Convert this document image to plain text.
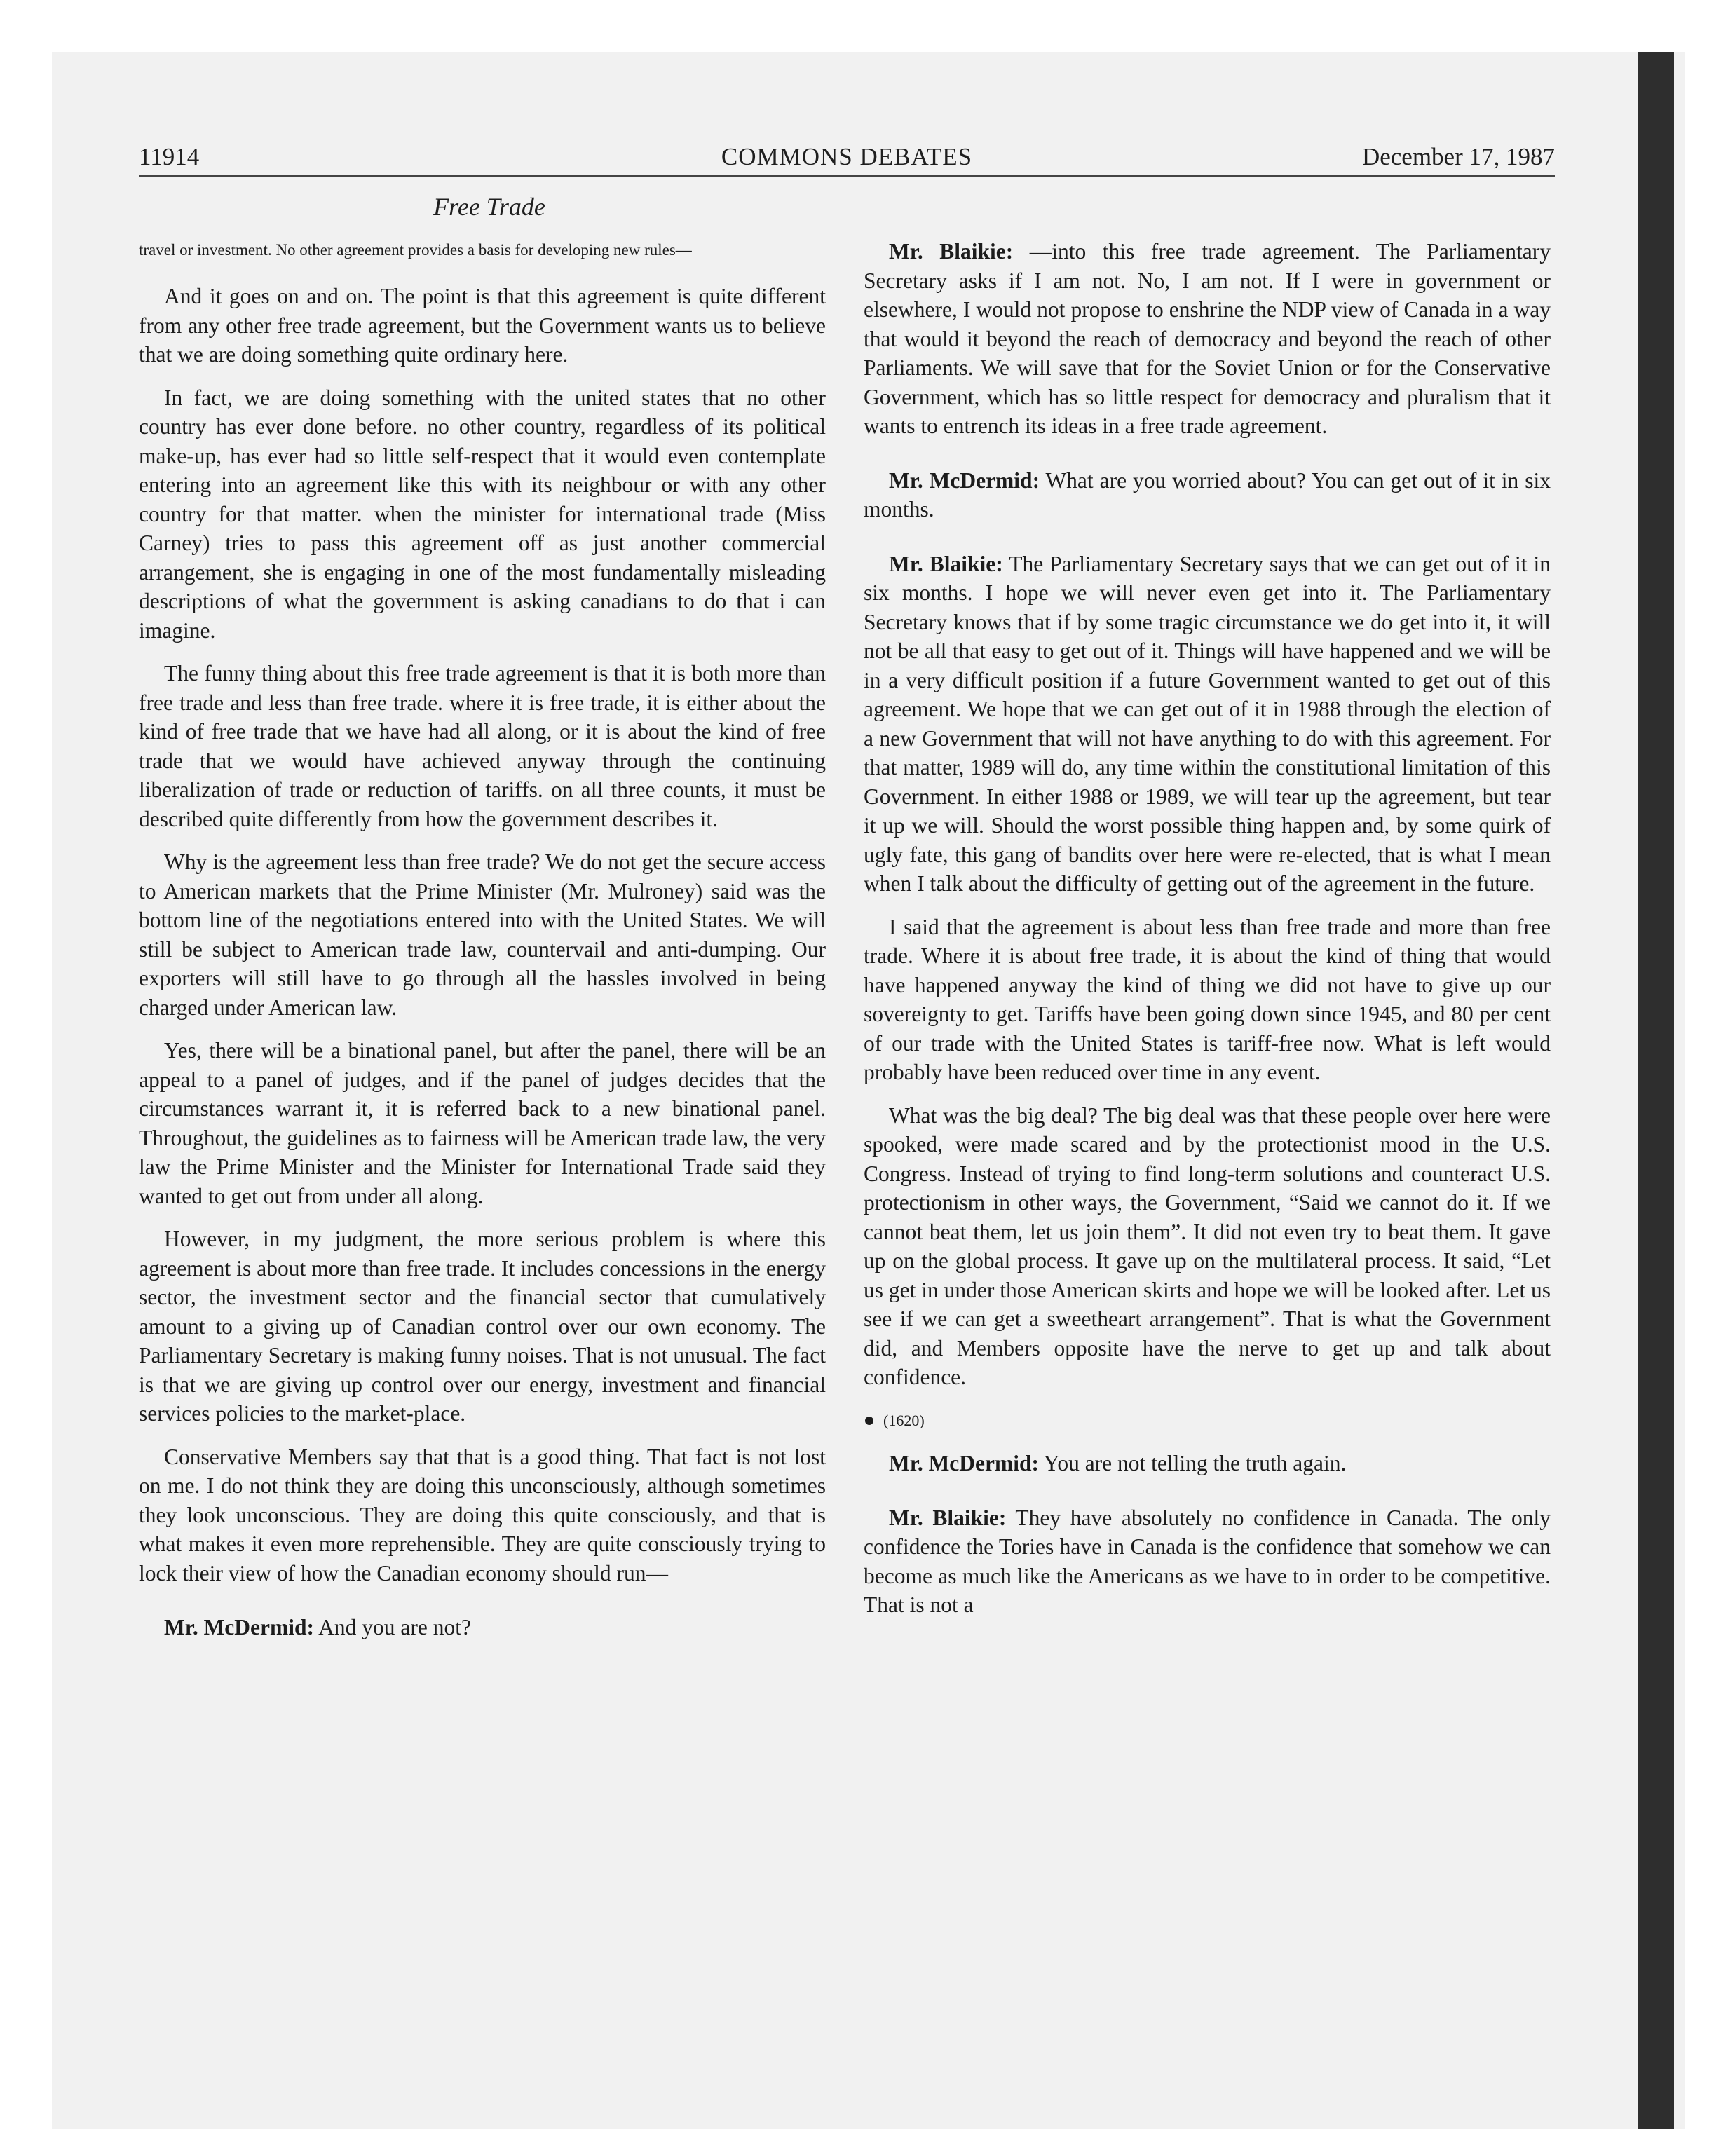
11914	COMMONS DEBATES	December 17, 1987
Free Trade

travel or investment. No other agreement provides a basis for developing new rules—

And it goes on and on. The point is that this agreement is quite different from any other free trade agreement, but the Government wants us to believe that we are doing something quite ordinary here.

In fact, we are doing something with the united states that no other country has ever done before. no other country, regardless of its political make-up, has ever had so little self-respect that it would even contemplate entering into an agreement like this with its neighbour or with any other country for that matter. when the minister for international trade (Miss Carney) tries to pass this agreement off as just another commercial arrangement, she is engaging in one of the most fundamentally misleading descriptions of what the government is asking canadians to do that i can imagine.

The funny thing about this free trade agreement is that it is both more than free trade and less than free trade. where it is free trade, it is either about the kind of free trade that we have had all along, or it is about the kind of free trade that we would have achieved anyway through the continuing liberalization of trade or reduction of tariffs. on all three counts, it must be described quite differently from how the government describes it.

Why is the agreement less than free trade? We do not get the secure access to American markets that the Prime Minister (Mr. Mulroney) said was the bottom line of the negotiations entered into with the United States. We will still be subject to American trade law, countervail and anti-dumping. Our exporters will still have to go through all the hassles involved in being charged under American law.

Yes, there will be a binational panel, but after the panel, there will be an appeal to a panel of judges, and if the panel of judges decides that the circumstances warrant it, it is referred back to a new binational panel. Throughout, the guidelines as to fairness will be American trade law, the very law the Prime Minister and the Minister for International Trade said they wanted to get out from under all along.

However, in my judgment, the more serious problem is where this agreement is about more than free trade. It includes concessions in the energy sector, the investment sector and the financial sector that cumulatively amount to a giving up of Canadian control over our own economy. The Parliamentary Secretary is making funny noises. That is not unusual. The fact is that we are giving up control over our energy, investment and financial services policies to the market-place.

Conservative Members say that that is a good thing. That fact is not lost on me. I do not think they are doing this unconsciously, although sometimes they look unconscious. They are doing this quite consciously, and that is what makes it even more reprehensible. They are quite consciously trying to lock their view of how the Canadian economy should run—

Mr. McDermid: And you are not?

Mr. Blaikie: —into this free trade agreement. The Parliamentary Secretary asks if I am not. No, I am not. If I were in government or elsewhere, I would not propose to enshrine the NDP view of Canada in a way that would it beyond the reach of democracy and beyond the reach of other Parliaments. We will save that for the Soviet Union or for the Conservative Government, which has so little respect for democracy and pluralism that it wants to entrench its ideas in a free trade agreement.

Mr. McDermid: What are you worried about? You can get out of it in six months.

Mr. Blaikie: The Parliamentary Secretary says that we can get out of it in six months. I hope we will never even get into it. The Parliamentary Secretary knows that if by some tragic circumstance we do get into it, it will not be all that easy to get out of it. Things will have happened and we will be in a very difficult position if a future Government wanted to get out of this agreement. We hope that we can get out of it in 1988 through the election of a new Government that will not have anything to do with this agreement. For that matter, 1989 will do, any time within the constitutional limitation of this Government. In either 1988 or 1989, we will tear up the agreement, but tear it up we will. Should the worst possible thing happen and, by some quirk of ugly fate, this gang of bandits over here were re-elected, that is what I mean when I talk about the difficulty of getting out of the agreement in the future.

I said that the agreement is about less than free trade and more than free trade. Where it is about free trade, it is about the kind of thing that would have happened anyway the kind of thing we did not have to give up our sovereignty to get. Tariffs have been going down since 1945, and 80 per cent of our trade with the United States is tariff-free now. What is left would probably have been reduced over time in any event.

What was the big deal? The big deal was that these people over here were spooked, were made scared and by the protectionist mood in the U.S. Congress. Instead of trying to find long-term solutions and counteract U.S. protectionism in other ways, the Government, “Said we cannot do it. If we cannot beat them, let us join them”. It did not even try to beat them. It gave up on the global process. It gave up on the multilateral process. It said, “Let us get in under those American skirts and hope we will be looked after. Let us see if we can get a sweetheart arrangement”. That is what the Government did, and Members opposite have the nerve to get up and talk about confidence.

(1620)

Mr. McDermid: You are not telling the truth again.

Mr. Blaikie: They have absolutely no confidence in Canada. The only confidence the Tories have in Canada is the confidence that somehow we can become as much like the Americans as we have to in order to be competitive. That is not a
